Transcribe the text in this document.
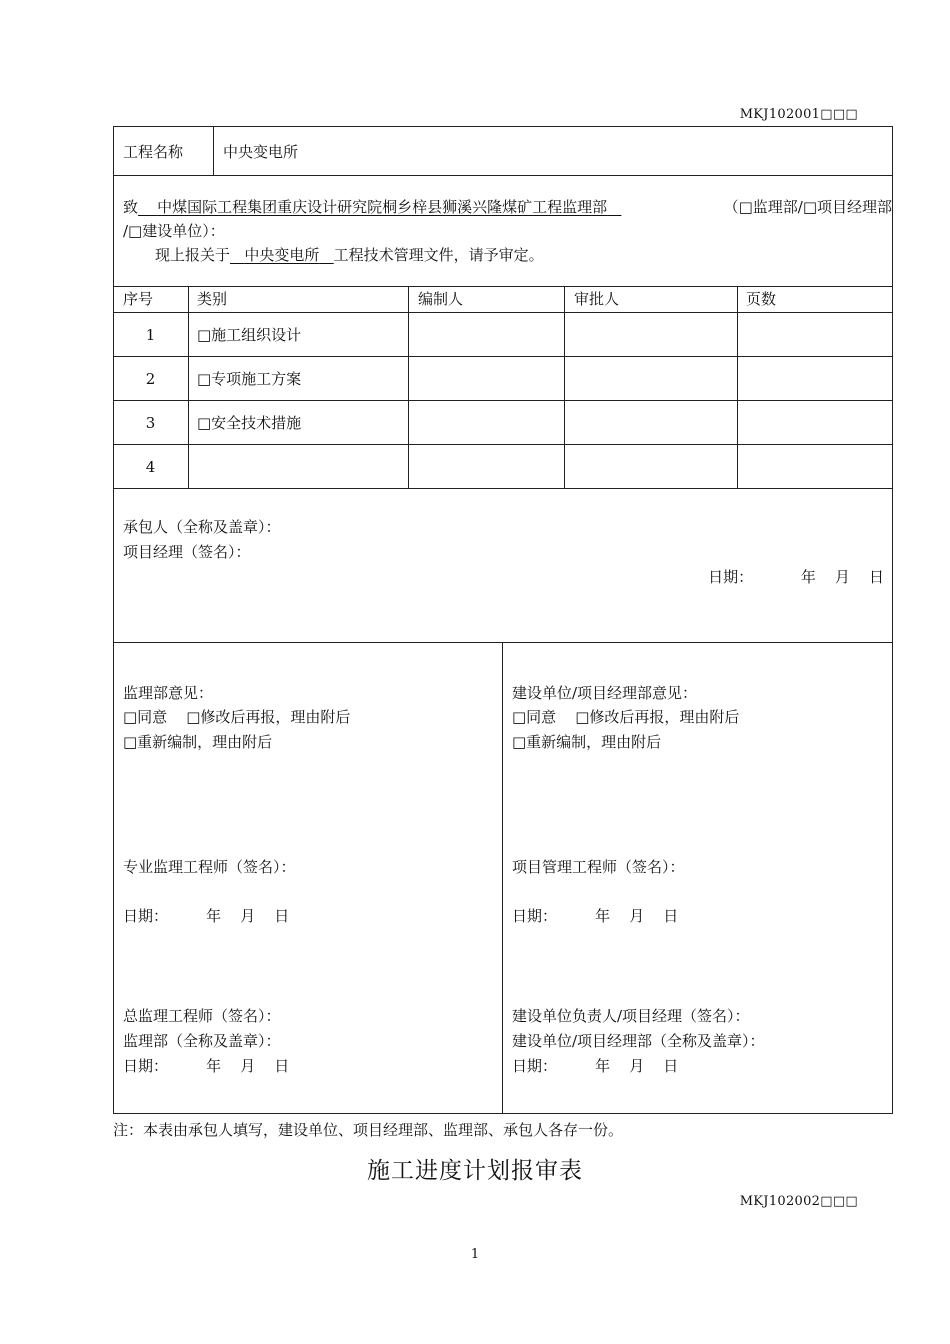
MKJ102001□□□
工程名称	中央变电所
致 中煤国际工程集团重庆设计研究院桐乡梓县狮溪兴隆煤矿工程监理部	（□监理部/□项目经理部
/□建设单位）：
现上报关于 中央变电所 工程技术管理文件，请予审定。
序号	类别	编制人	审批人	页数
1	□施工组织设计
2	□专项施工方案
3	□安全技术措施
4
承包人（全称及盖章）：
项目经理（签名）：
日期：          年    月    日
监理部意见：
□同意    □修改后再报，理由附后
□重新编制，理由附后
专业监理工程师（签名）：
日期：        年    月    日
总监理工程师（签名）：
监理部（全称及盖章）：
日期：        年    月    日
建设单位/项目经理部意见：
□同意    □修改后再报，理由附后
□重新编制，理由附后
项目管理工程师（签名）：
日期：        年    月    日
建设单位负责人/项目经理（签名）：
建设单位/项目经理部（全称及盖章）：
日期：        年    月    日
注：本表由承包人填写，建设单位、项目经理部、监理部、承包人各存一份。
施工进度计划报审表
MKJ102002□□□
1
